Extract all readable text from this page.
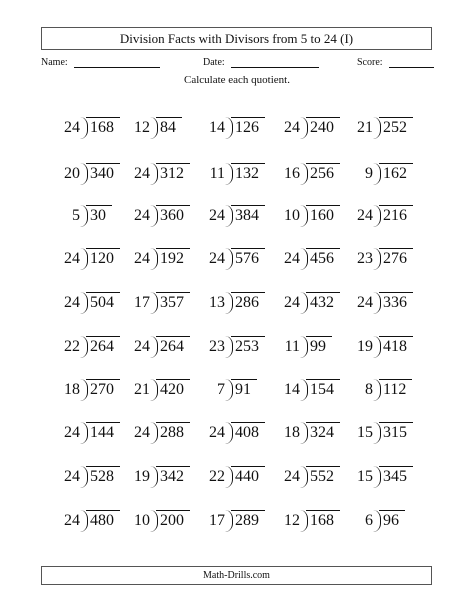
Division Facts with Divisors from 5 to 24 (I)
Name:	Date:	Score:
Calculate each quotient.
24 168 12 84 14 126 24 240 21 252
20 340 24 312 11 132 16 256 9 162
5 30 24 360 24 384 10 160 24 216
24 120 24 192 24 576 24 456 23 276
24 504 17 357 13 286 24 432 24 336
22 264 24 264 23 253 11 99 19 418
18 270 21 420 7 91 14 154 8 112
24 144 24 288 24 408 18 324 15 315
24 528 19 342 22 440 24 552 15 345
24 480 10 200 17 289 12 168 6 96
Math-Drills.com
